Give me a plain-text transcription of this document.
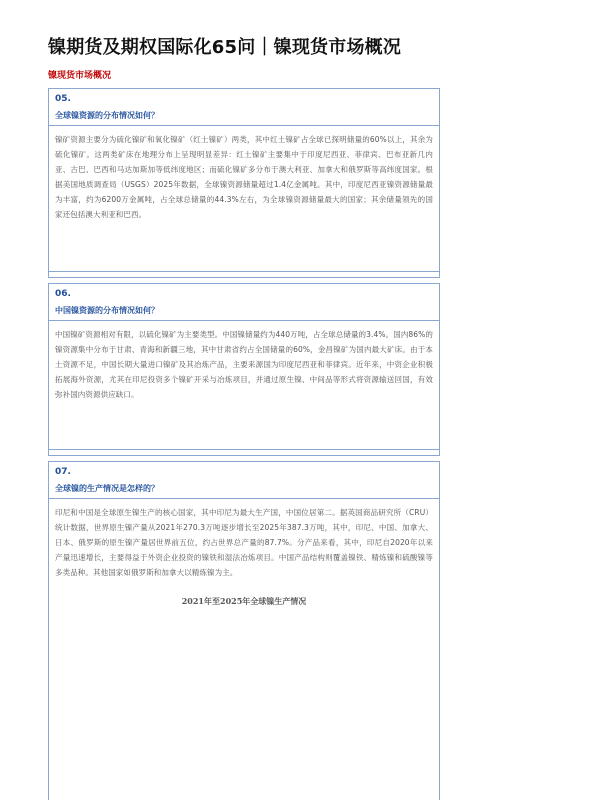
镍期货及期权国际化65问｜镍现货市场概况
镍现货市场概况
05.
全球镍资源的分布情况如何？
镍矿资源主要分为硫化镍矿和氧化镍矿（红土镍矿）两类，其中红土镍矿占全球已探明储量的60%以上，其余为硫化镍矿。这两类矿床在地理分布上呈现明显差异：红土镍矿主要集中于印度尼西亚、菲律宾、巴布亚新几内亚、古巴、巴西和马达加斯加等低纬度地区；而硫化镍矿多分布于澳大利亚、加拿大和俄罗斯等高纬度国家。根据美国地质调查局（USGS）2025年数据，全球镍资源储量超过1.4亿金属吨。其中，印度尼西亚镍资源储量最为丰富，约为6200万金属吨，占全球总储量的44.3%左右，为全球镍资源储量最大的国家；其余储量领先的国家还包括澳大利亚和巴西。
06.
中国镍资源的分布情况如何？
中国镍矿资源相对有限，以硫化镍矿为主要类型。中国镍储量约为440万吨，占全球总储量的3.4%。国内86%的镍资源集中分布于甘肃、青海和新疆三地，其中甘肃省约占全国储量的60%，金昌镍矿为国内最大矿床。由于本土资源不足，中国长期大量进口镍矿及其冶炼产品，主要来源国为印度尼西亚和菲律宾。近年来，中资企业积极拓展海外资源，尤其在印尼投资多个镍矿开采与冶炼项目，并通过原生镍、中间品等形式将资源输送回国，有效弥补国内资源供应缺口。
07.
全球镍的生产情况是怎样的？
印尼和中国是全球原生镍生产的核心国家，其中印尼为最大生产国，中国位居第二。据英国商品研究所（CRU）统计数据，世界原生镍产量从2021年270.3万吨逐步增长至2025年387.3万吨，其中，印尼、中国、加拿大、日本、俄罗斯的原生镍产量居世界前五位，约占世界总产量的87.7%。分产品来看，其中，印尼自2020年以来产量迅速增长，主要得益于外资企业投资的镍铁和湿法冶炼项目。中国产品结构则覆盖镍铁、精炼镍和硫酸镍等多类品种。其他国家如俄罗斯和加拿大以精炼镍为主。
2021年至2025年全球镍生产情况
